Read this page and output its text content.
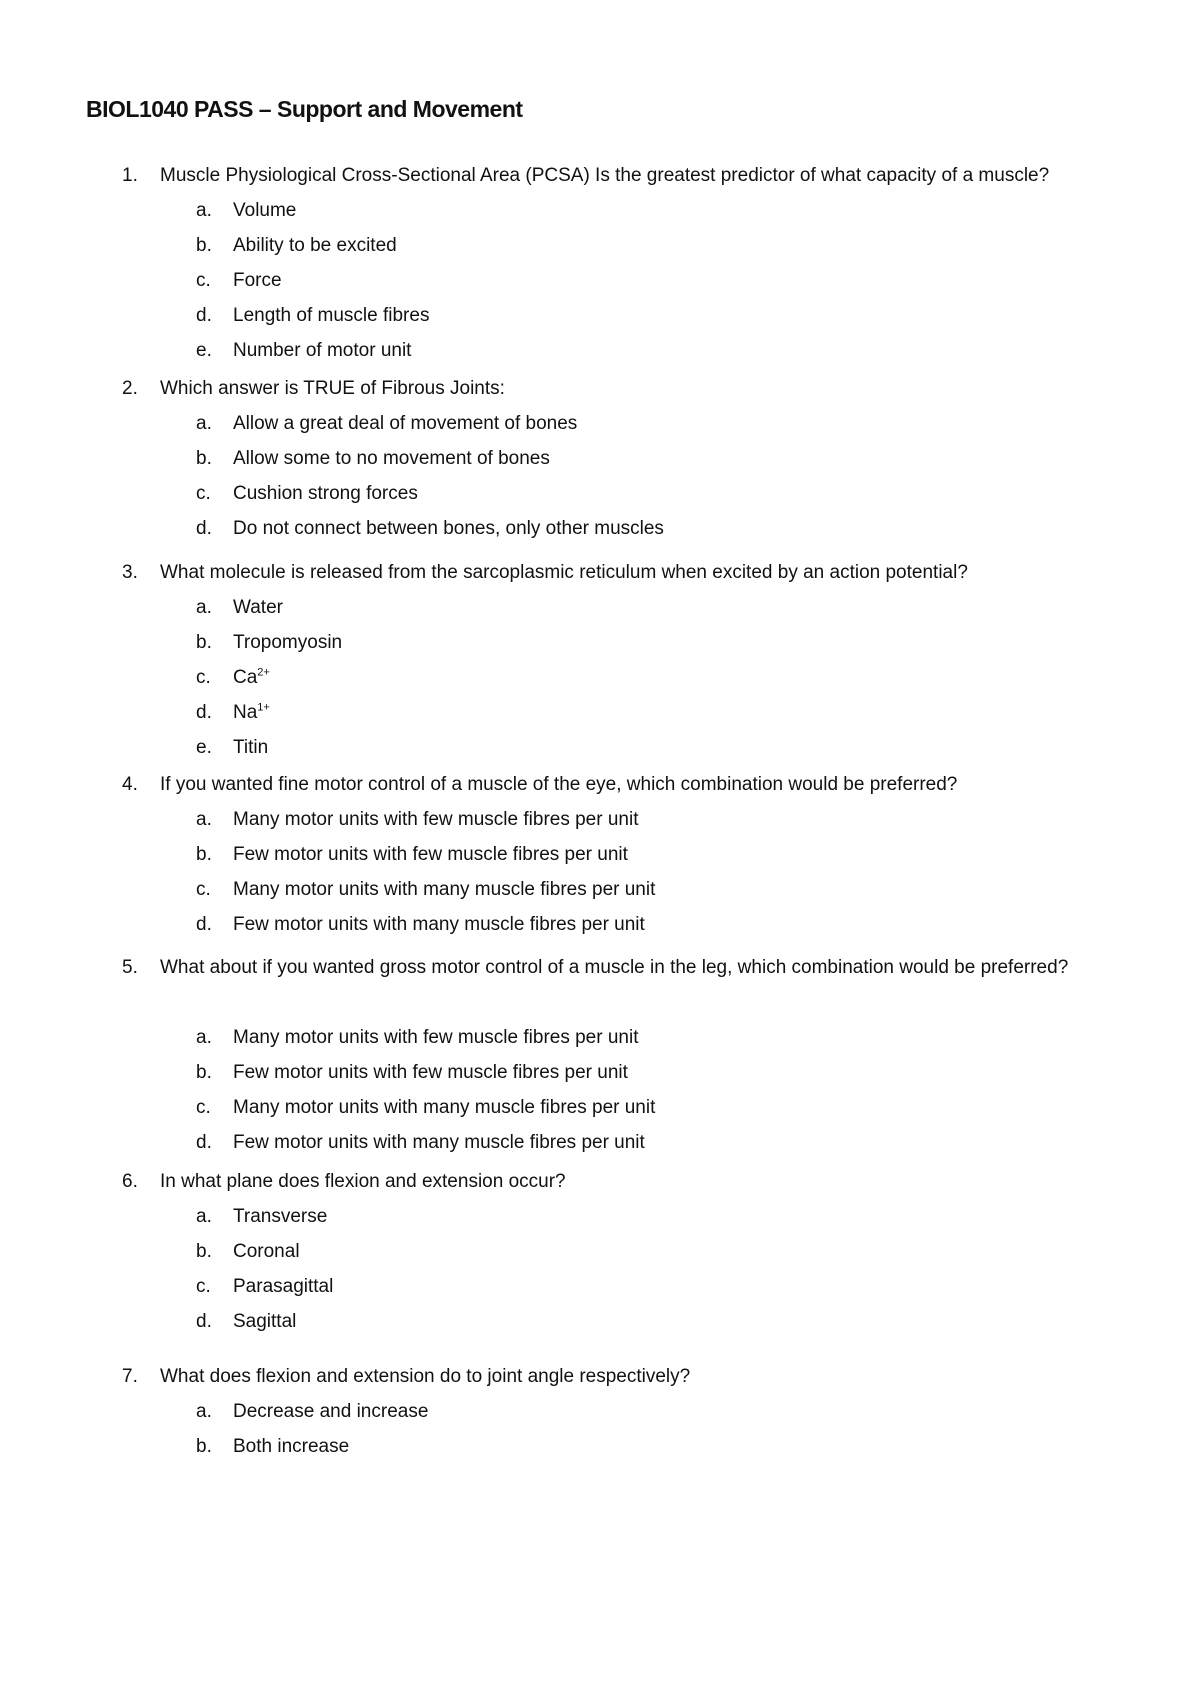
BIOL1040 PASS – Support and Movement
1. Muscle Physiological Cross-Sectional Area (PCSA) Is the greatest predictor of what capacity of a muscle?
a. Volume
b. Ability to be excited
c. Force
d. Length of muscle fibres
e. Number of motor unit
2. Which answer is TRUE of Fibrous Joints:
a. Allow a great deal of movement of bones
b. Allow some to no movement of bones
c. Cushion strong forces
d. Do not connect between bones, only other muscles
3. What molecule is released from the sarcoplasmic reticulum when excited by an action potential?
a. Water
b. Tropomyosin
c. $Ca^{2+}$
d. $Na^{1+}$
e. Titin
4. If you wanted fine motor control of a muscle of the eye, which combination would be preferred?
a. Many motor units with few muscle fibres per unit
b. Few motor units with few muscle fibres per unit
c. Many motor units with many muscle fibres per unit
d. Few motor units with many muscle fibres per unit
5. What about if you wanted gross motor control of a muscle in the leg, which combination would be preferred?
a. Many motor units with few muscle fibres per unit
b. Few motor units with few muscle fibres per unit
c. Many motor units with many muscle fibres per unit
d. Few motor units with many muscle fibres per unit
6. In what plane does flexion and extension occur?
a. Transverse
b. Coronal
c. Parasagittal
d. Sagittal
7. What does flexion and extension do to joint angle respectively?
a. Decrease and increase
b. Both increase
